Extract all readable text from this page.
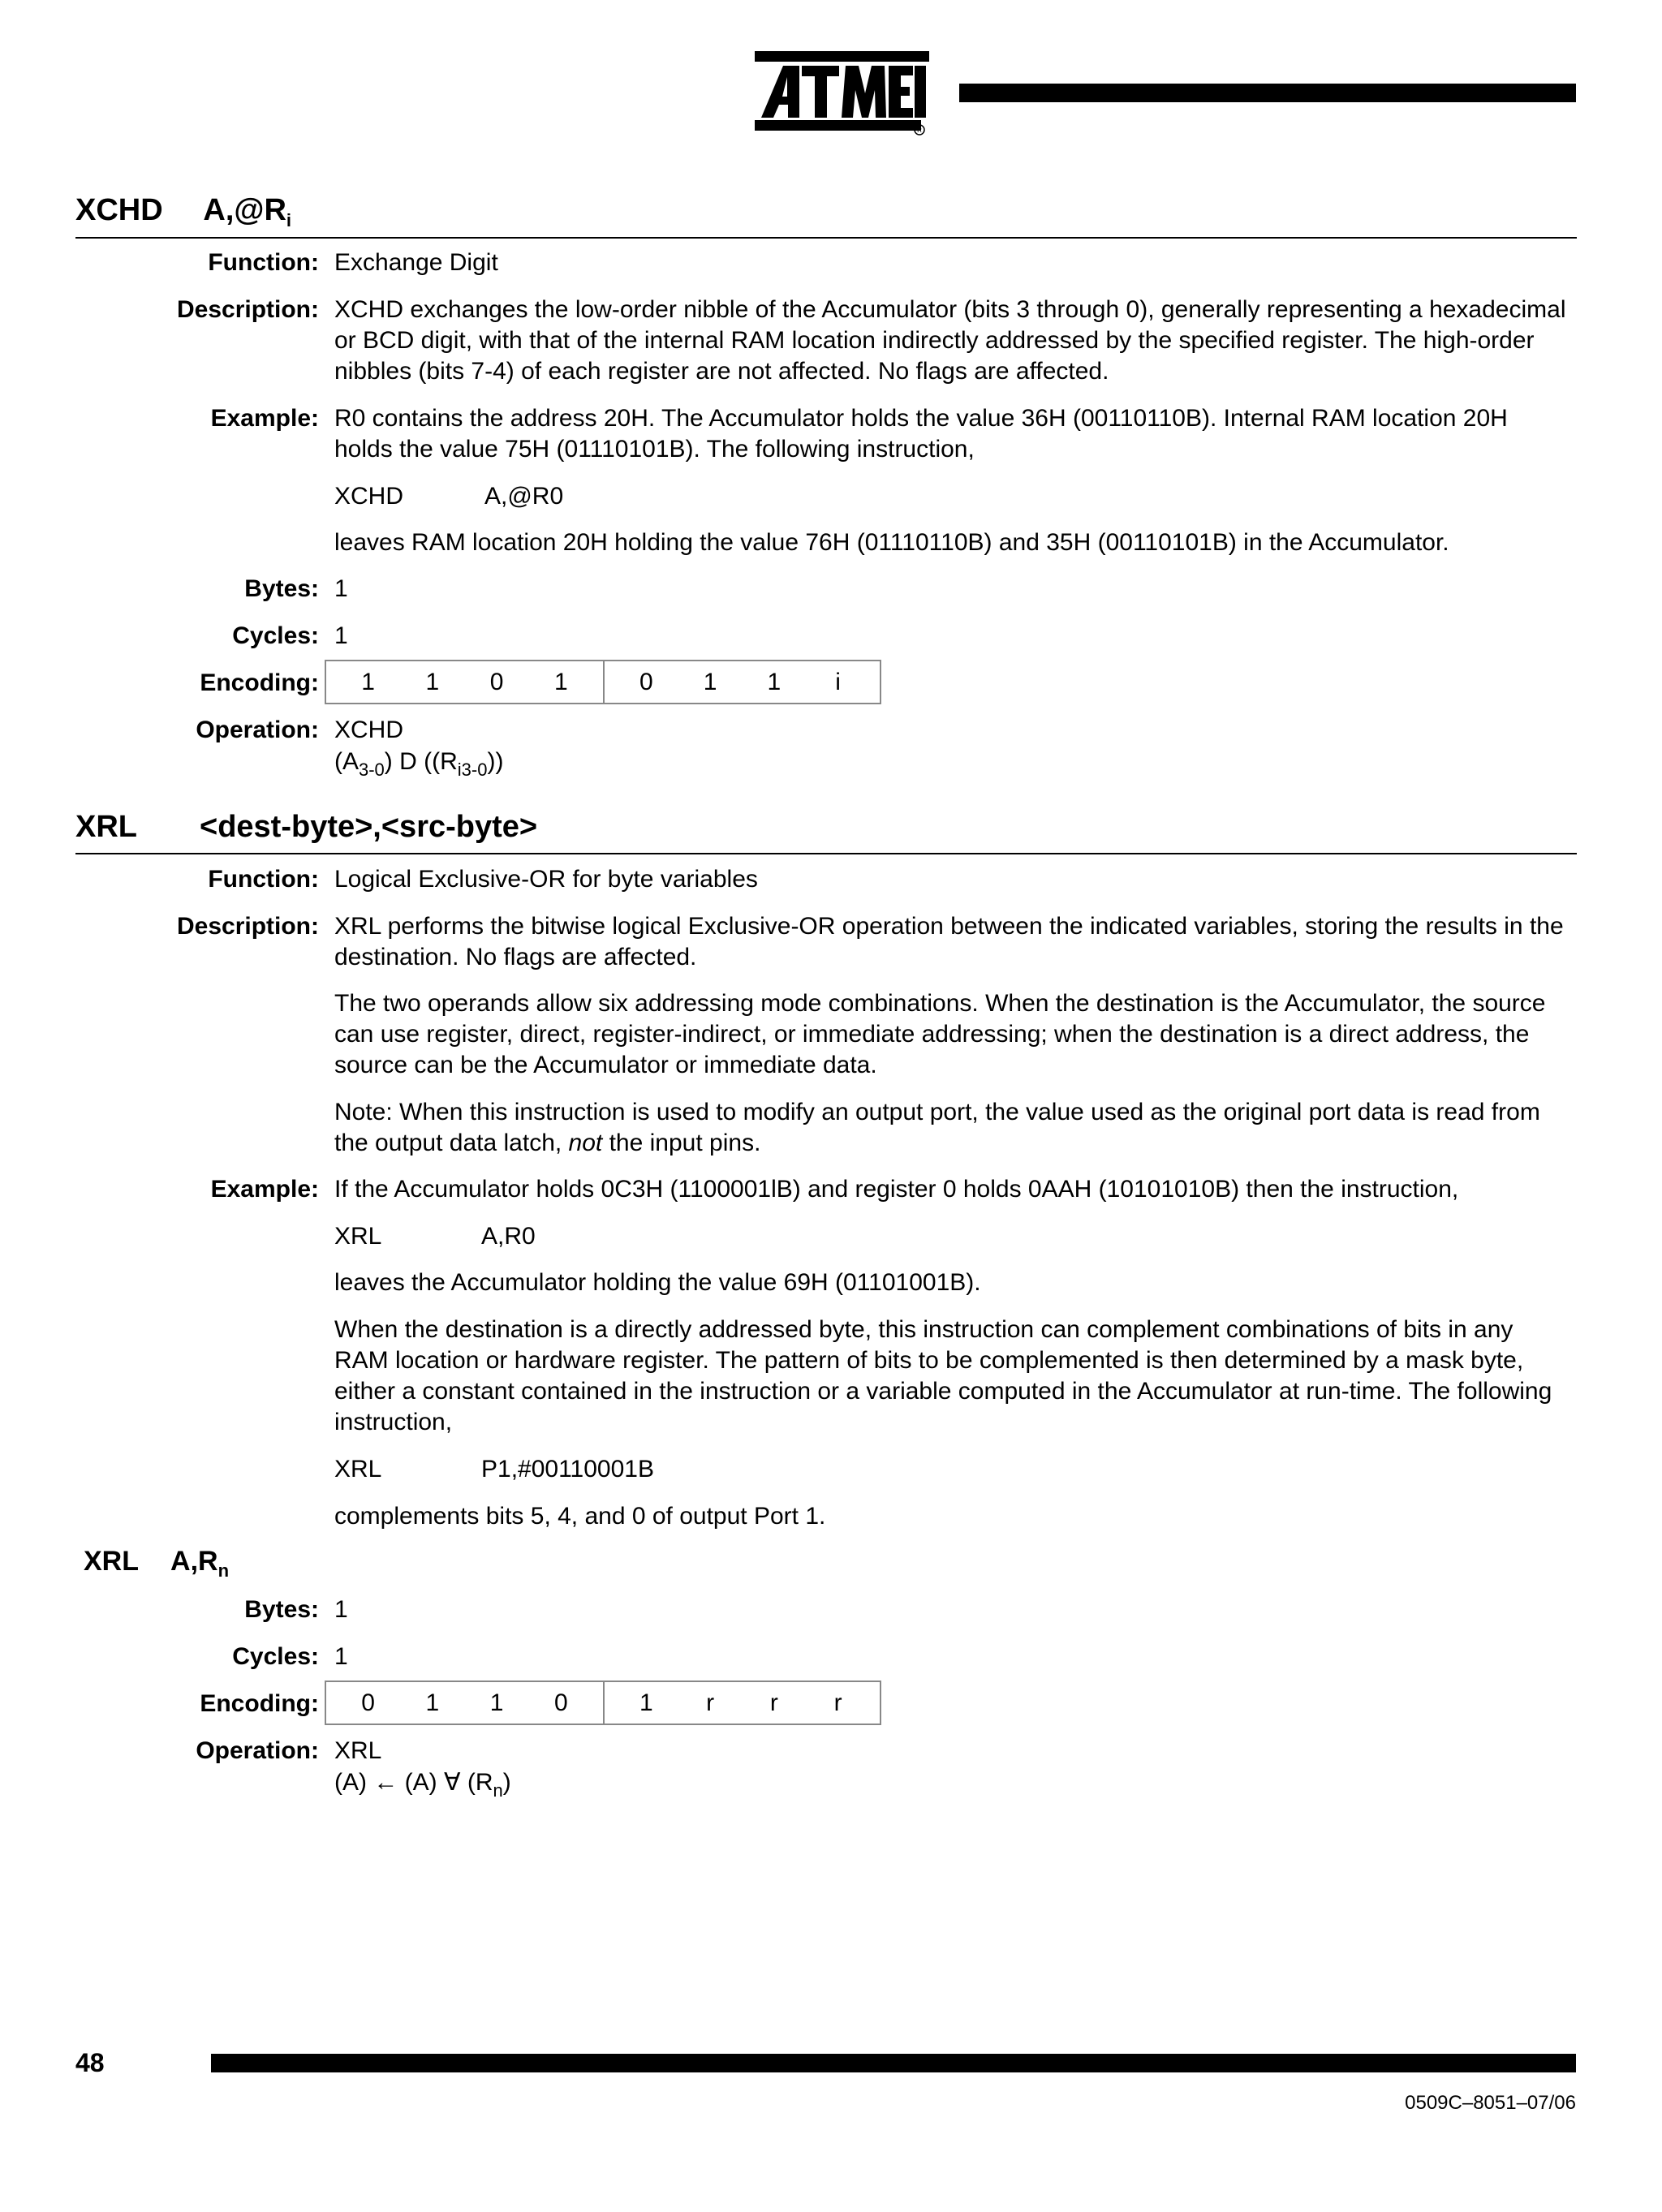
R
XCHD $A,@R_i$
Function: Exchange Digit
Description: XCHD exchanges the low-order nibble of the Accumulator (bits 3 through 0), generally representing a hexadecimal or BCD digit, with that of the internal RAM location indirectly addressed by the specified register. The high-order nibbles (bits 7-4) of each register are not affected. No flags are affected.
Example: R0 contains the address 20H. The Accumulator holds the value 36H (00110110B). Internal RAM location 20H holds the value 75H (01110101B). The following instruction,
XCHD	A,@R0
leaves RAM location 20H holding the value 76H (01110110B) and 35H (00110101B) in the Accumulator.
Bytes: 1
Cycles: 1
Encoding:	1	1	0	1	0	1	1	i
Operation: XCHD
$(A_{3-0})$ D $((R_{i3-0}))$
XRL <dest-byte>,<src-byte>
Function: Logical Exclusive-OR for byte variables
Description: XRL performs the bitwise logical Exclusive-OR operation between the indicated variables, storing the results in the destination. No flags are affected.
The two operands allow six addressing mode combinations. When the destination is the Accumulator, the source can use register, direct, register-indirect, or immediate addressing; when the destination is a direct address, the source can be the Accumulator or immediate data.
Note: When this instruction is used to modify an output port, the value used as the original port data is read from the output data latch, not the input pins.
Example: If the Accumulator holds 0C3H (1100001lB) and register 0 holds 0AAH (10101010B) then the instruction,
XRL	A,R0
leaves the Accumulator holding the value 69H (01101001B).
When the destination is a directly addressed byte, this instruction can complement combinations of bits in any RAM location or hardware register. The pattern of bits to be complemented is then determined by a mask byte, either a constant contained in the instruction or a variable computed in the Accumulator at run-time. The following instruction,
XRL	P1,#00110001B
complements bits 5, 4, and 0 of output Port 1.
XRL $A,R_n$
Bytes: 1
Cycles: 1
Encoding:	0	1	1	0	1	r	r	r
Operation: XRL
(A) ← (A) ∀ $(R_n)$
48
0509C–8051–07/06
